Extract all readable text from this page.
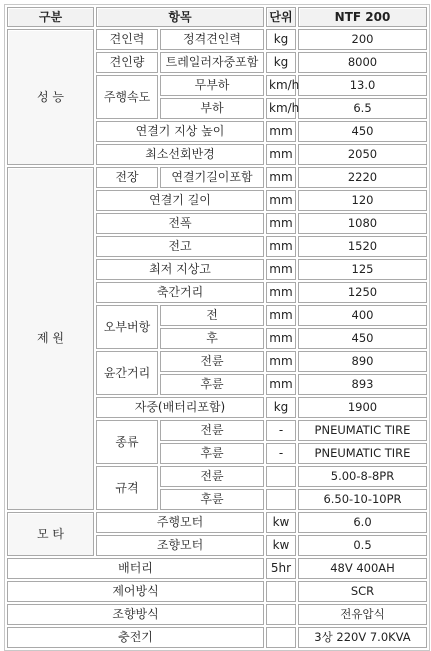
구분	항목		단위	NTF 200
성 능	견인력	정격견인력	kg	200
	견인량	트레일러자중포함	kg	8000
	주행속도	무부하	km/h	13.0
		부하	km/h	6.5
	연결기 지상 높이		mm	450
	최소선회반경		mm	2050
제 원	전장	연결기길이포함	mm	2220
	연결기 길이		mm	120
	전폭		mm	1080
	전고		mm	1520
	최저 지상고		mm	125
	축간거리		mm	1250
	오부버항	전	mm	400
		후	mm	450
	윤간거리	전륜	mm	890
		후륜	mm	893
	자중(배터리포함)		kg	1900
	종류	전륜	-	PNEUMATIC TIRE
		후륜	-	PNEUMATIC TIRE
	규격	전륜		5.00-8-8PR
		후륜		6.50-10-10PR
모 타	주행모터		kw	6.0
	조향모터		kw	0.5
배터리			5hr	48V 400AH
제어방식				SCR
조향방식				전유압식
충전기				3상 220V 7.0KVA
